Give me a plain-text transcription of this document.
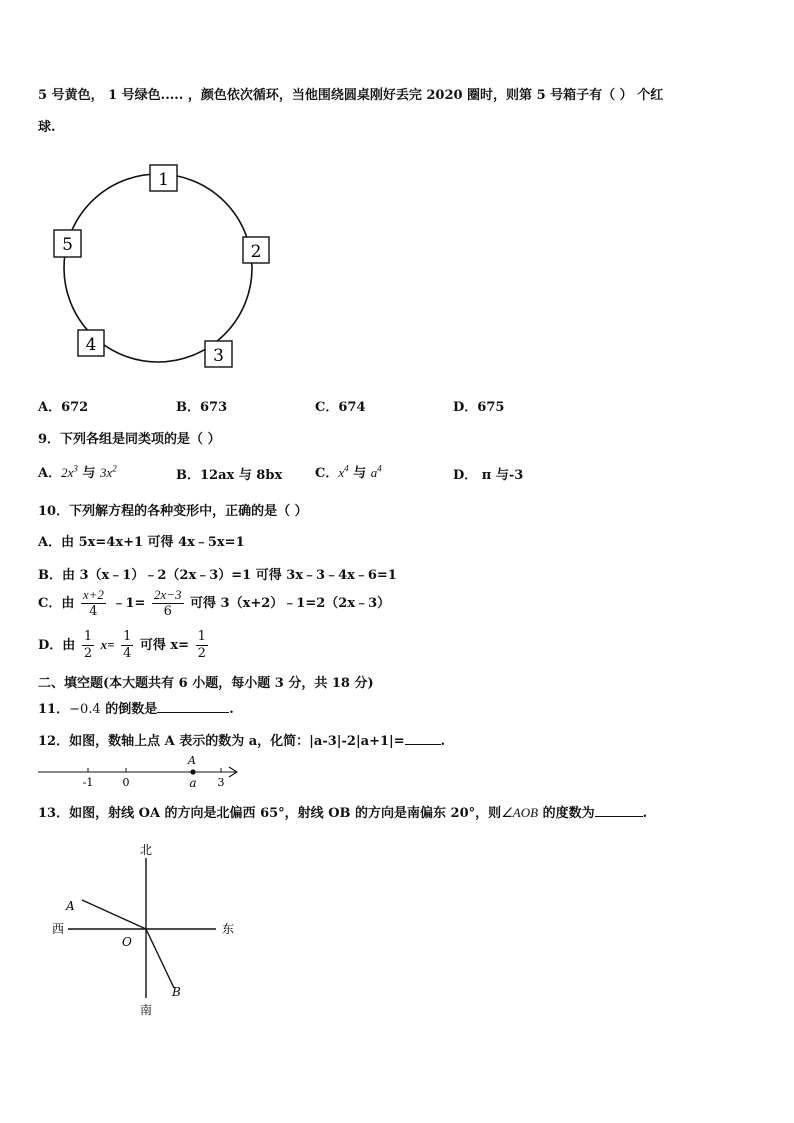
5 号黄色， 1 号绿色..... ，颜色依次循环，当他围绕圆桌刚好丢完 2020 圈时，则第 5 号箱子有（ ） 个红
球.
1
2
3
4
5
A．672	B．673	C．674	D．675
9．下列各组是同类项的是（ ）
A．$2x^3$ 与 $3x^2$	B．12ax 与 8bx	C．$x^4$ 与 $a^4$	D． π 与-3
10．下列解方程的各种变形中，正确的是（ ）
A．由 5x=4x+1 可得 4x﹣5x=1
B．由 3（x﹣1）﹣2（2x﹣3）=1 可得 3x﹣3﹣4x﹣6=1
C．由 $\frac{x+2}{4}$ ﹣1= $\frac{2x-3}{6}$ 可得 3（x+2）﹣1=2（2x﹣3）
D．由 $\frac{1}{2} x= \frac{1}{4}$ 可得 $x= \frac{1}{2}$
二、填空题(本大题共有 6 小题，每小题 3 分，共 18 分)
11．−0.4 的倒数是	.
12．如图，数轴上点 A 表示的数为 a，化简：|a-3|-2|a+1|=	.
-1	0	3
A
a
13．如图，射线 OA 的方向是北偏西 65°，射线 OB 的方向是南偏东 20°，则∠AOB 的度数为	.
北
南
西	东
O
A
B
